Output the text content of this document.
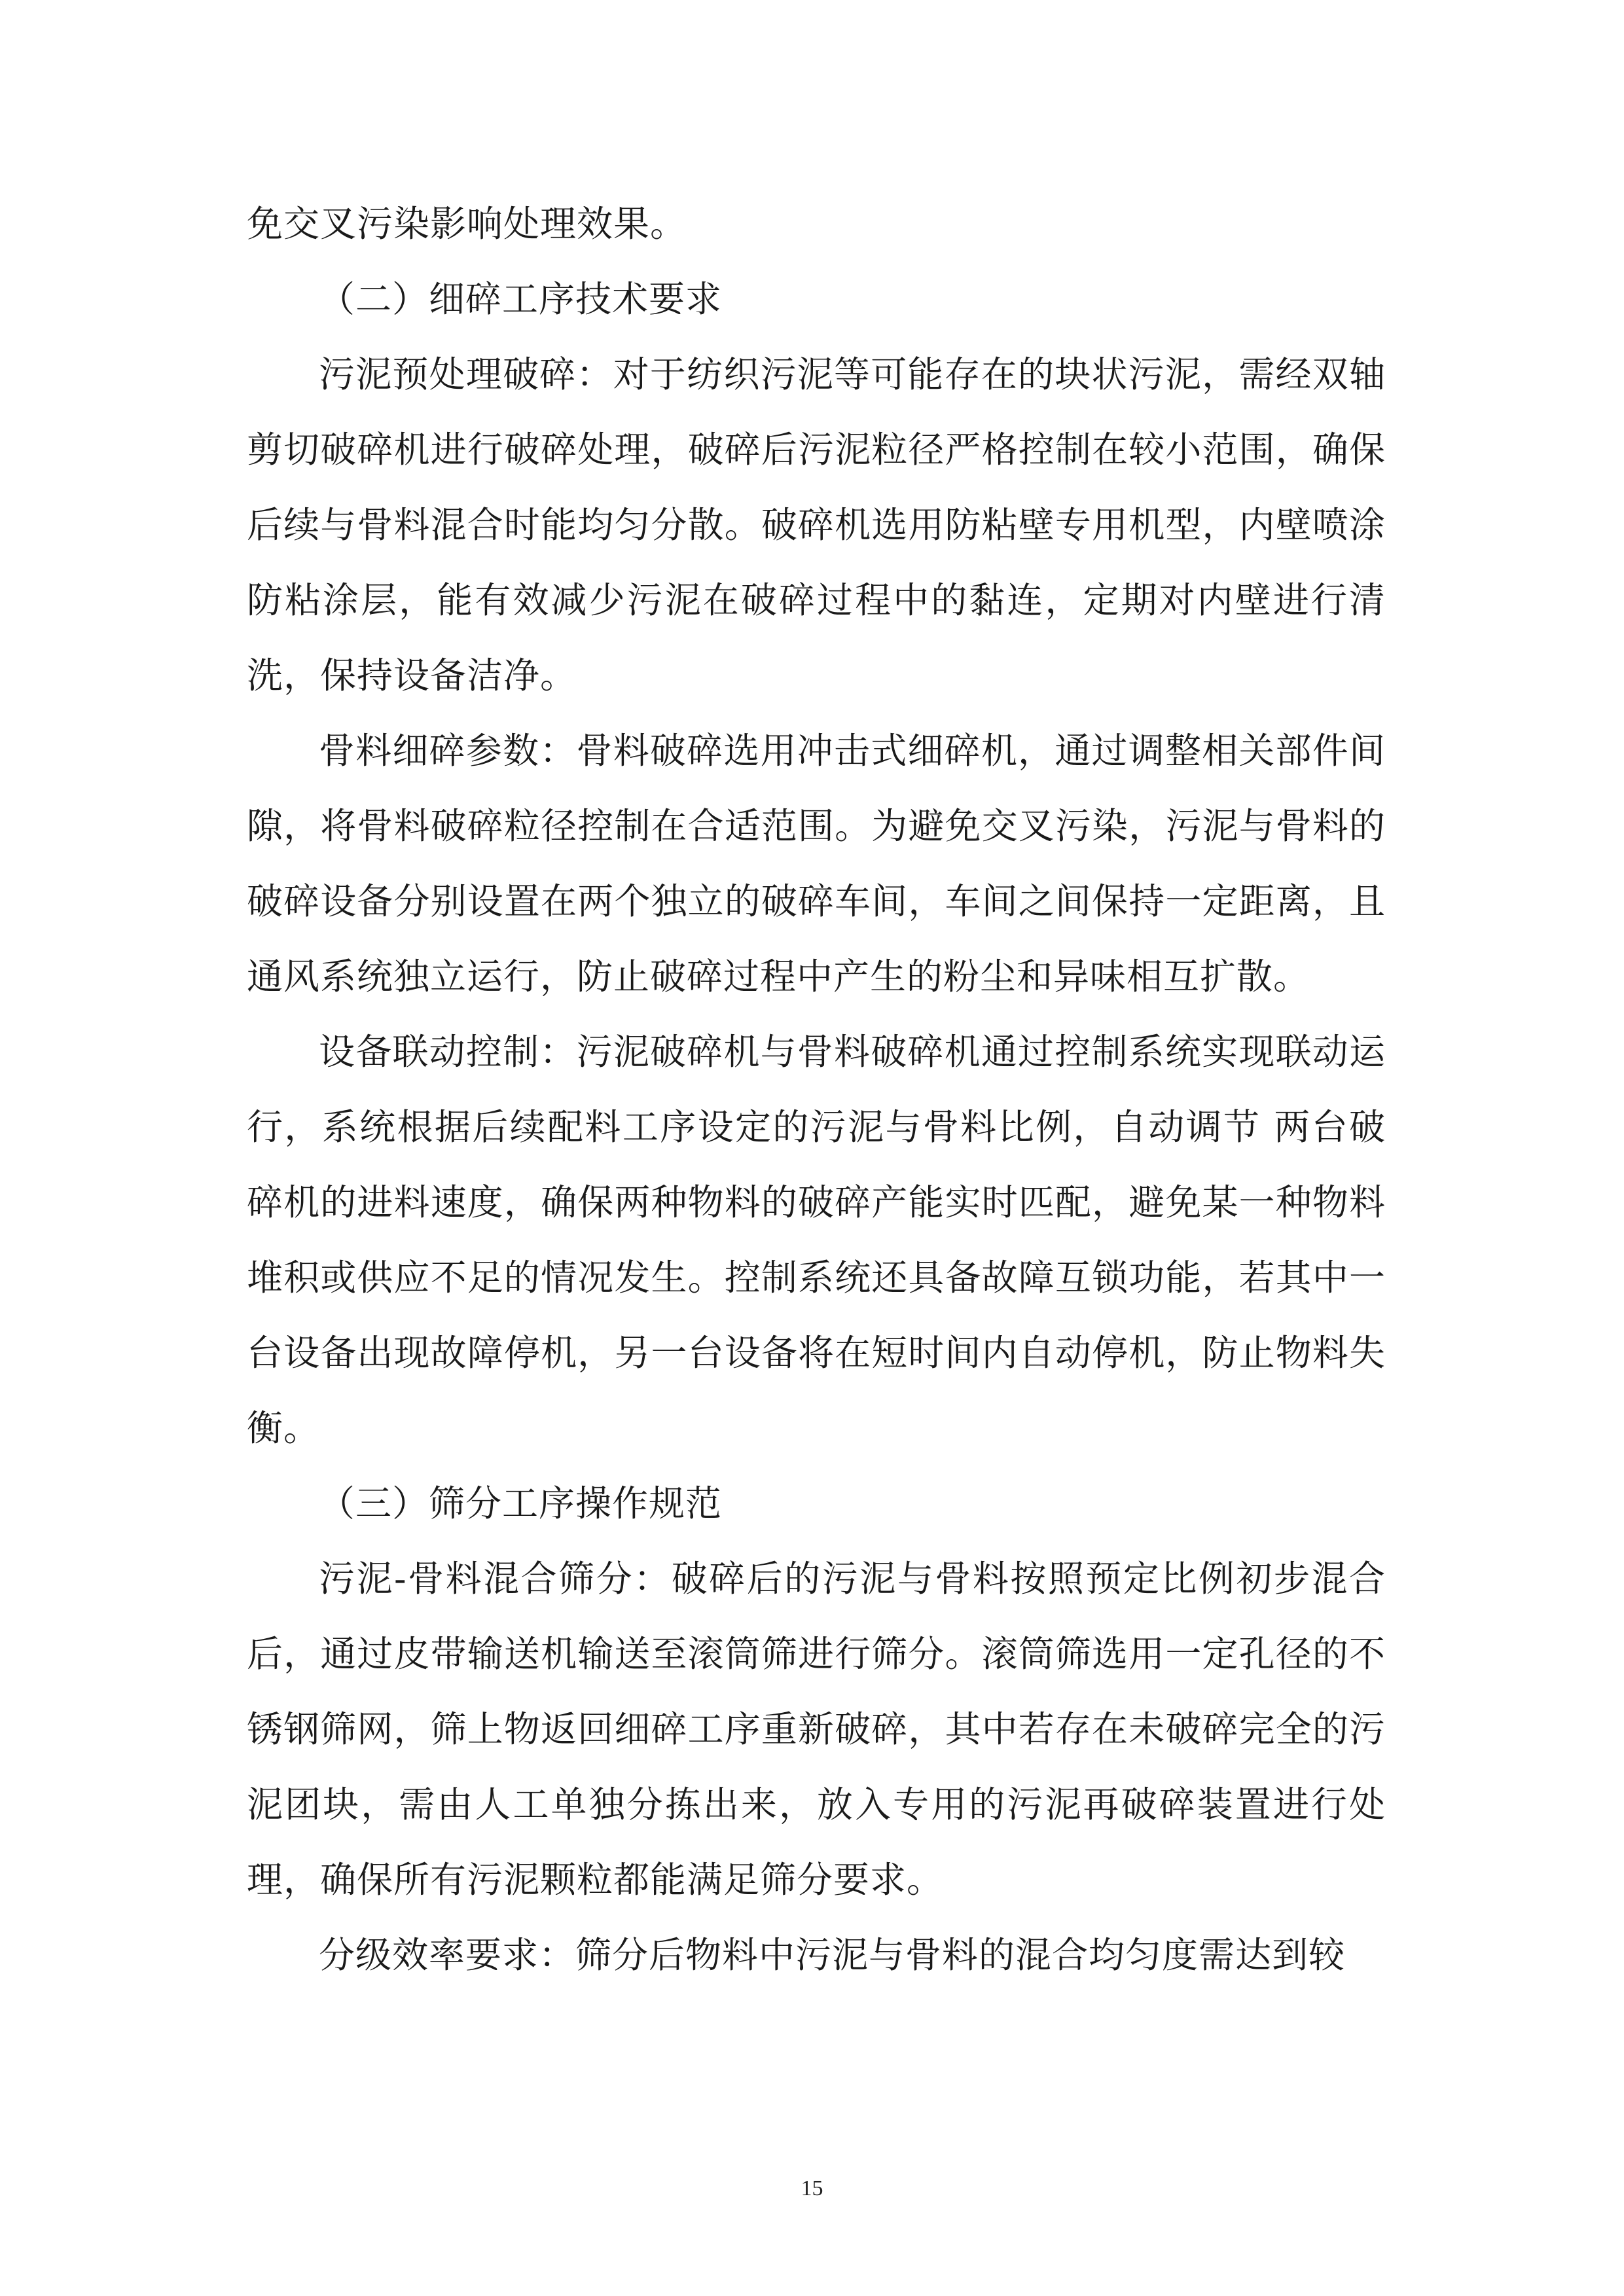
免交叉污染影响处理效果。

（二）细碎工序技术要求

污泥预处理破碎：对于纺织污泥等可能存在的块状污泥，需经双轴剪切破碎机进行破碎处理，破碎后污泥粒径严格控制在较小范围，确保后续与骨料混合时能均匀分散。破碎机选用防粘壁专用机型，内壁喷涂防粘涂层，能有效减少污泥在破碎过程中的黏连，定期对内壁进行清洗，保持设备洁净。

骨料细碎参数：骨料破碎选用冲击式细碎机，通过调整相关部件间隙，将骨料破碎粒径控制在合适范围。为避免交叉污染，污泥与骨料的破碎设备分别设置在两个独立的破碎车间，车间之间保持一定距离，且通风系统独立运行，防止破碎过程中产生的粉尘和异味相互扩散。

设备联动控制：污泥破碎机与骨料破碎机通过控制系统实现联动运行，系统根据后续配料工序设定的污泥与骨料比例，自动调节 两台破碎机的进料速度，确保两种物料的破碎产能实时匹配，避免某一种物料堆积或供应不足的情况发生。控制系统还具备故障互锁功能，若其中一台设备出现故障停机，另一台设备将在短时间内自动停机，防止物料失衡。

（三）筛分工序操作规范

污泥-骨料混合筛分：破碎后的污泥与骨料按照预定比例初步混合后，通过皮带输送机输送至滚筒筛进行筛分。滚筒筛选用一定孔径的不锈钢筛网，筛上物返回细碎工序重新破碎，其中若存在未破碎完全的污泥团块，需由人工单独分拣出来，放入专用的污泥再破碎装置进行处理，确保所有污泥颗粒都能满足筛分要求。

分级效率要求：筛分后物料中污泥与骨料的混合均匀度需达到较

15
